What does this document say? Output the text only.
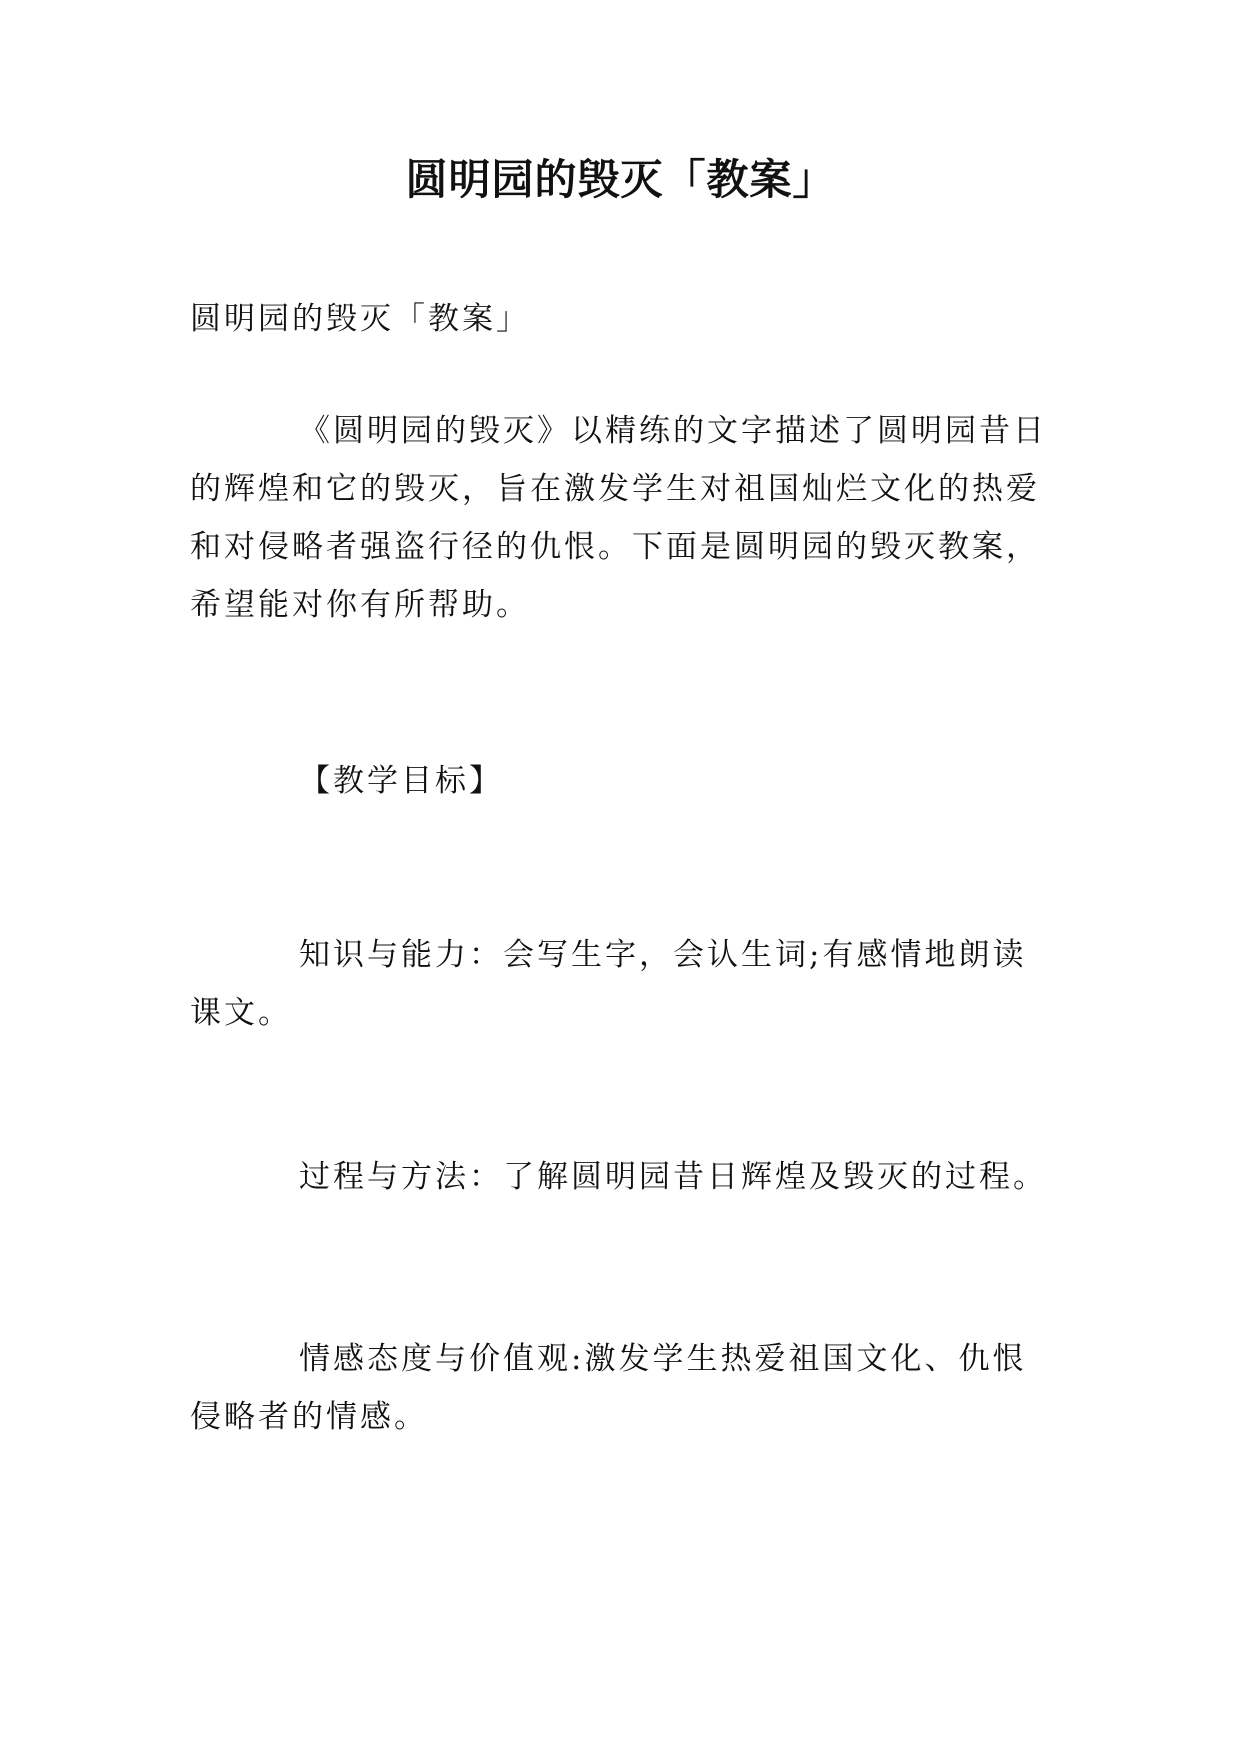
圆明园的毁灭「教案」

圆明园的毁灭「教案」

《圆明园的毁灭》以精练的文字描述了圆明园昔日的辉煌和它的毁灭，旨在激发学生对祖国灿烂文化的热爱和对侵略者强盗行径的仇恨。下面是圆明园的毁灭教案，希望能对你有所帮助。

【教学目标】

知识与能力：会写生字，会认生词;有感情地朗读课文。

过程与方法：了解圆明园昔日辉煌及毁灭的过程。

情感态度与价值观:激发学生热爱祖国文化、仇恨侵略者的情感。
